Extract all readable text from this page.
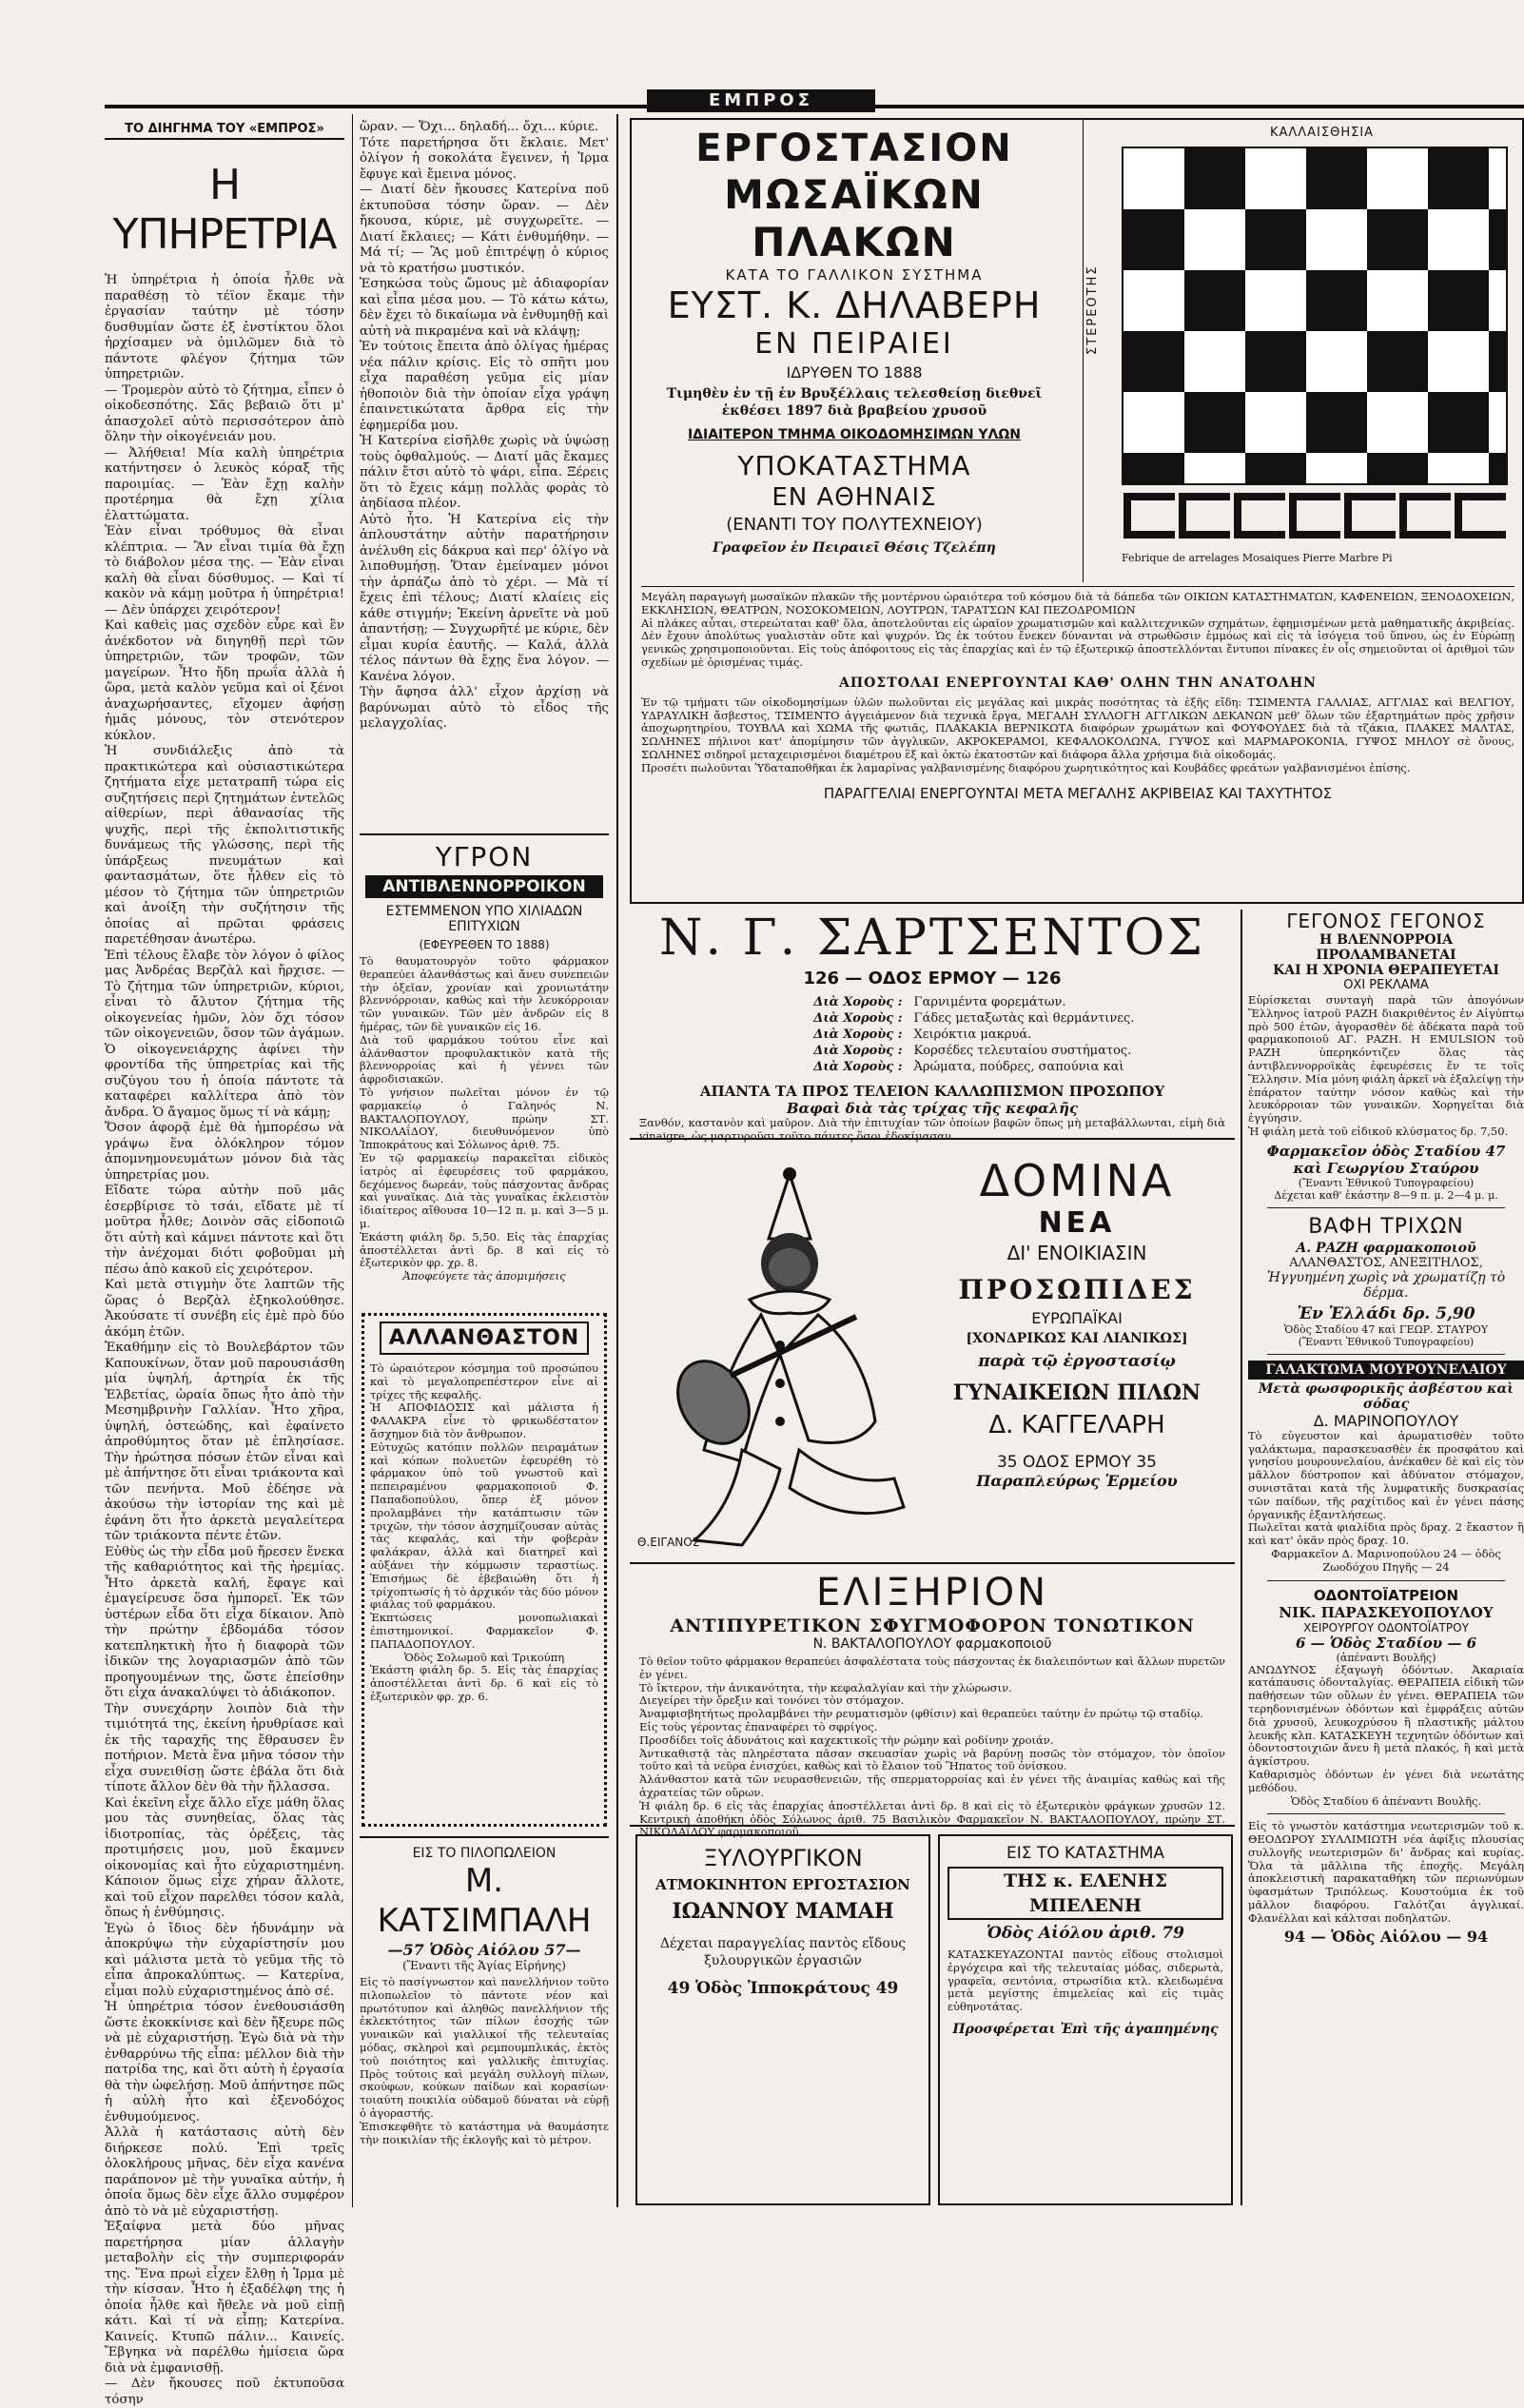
ΕΜΠΡΟΣ
ΤΟ ΔΙΗΓΗΜΑ ΤΟΥ «ΕΜΠΡΟΣ»
Η ΥΠΗΡΕΤΡΙΑ

Ἡ ὑπηρέτρια ἡ ὁποία ἦλθε νὰ παραθέσῃ τὸ τέϊον ἔκαμε τὴν ἐργασίαν ταύτην μὲ τόσην δυσθυμίαν ὥστε ἐξ ἐνστίκτου ὅλοι ἠρχίσαμεν νὰ ὁμιλῶμεν διὰ τὸ πάντοτε φλέγον ζήτημα τῶν ὑπηρετριῶν.

— Τρομερὸν αὐτὸ τὸ ζήτημα, εἶπεν ὁ οἰκοδεσπότης. Σᾶς βεβαιῶ ὅτι μ' ἀπασχολεῖ αὐτὸ περισσότερον ἀπὸ ὅλην τὴν οἰκογένειάν μου.

— Ἀλήθεια! Μία καλὴ ὑπηρέτρια κατήντησεν ὁ λευκὸς κόραξ τῆς παροιμίας. — Ἐὰν ἔχῃ καλὴν προτέρημα θὰ ἔχῃ χίλια ἐλαττώματα.

Ἐὰν εἶναι τρόθυμος θὰ εἶναι κλέπτρια. — Ἂν εἶναι τιμία θὰ ἔχῃ τὸ διάβολον μέσα της. — Ἐὰν εἶναι καλὴ θὰ εἶναι δύσθυμος. — Καὶ τί κακὸν νὰ κάμῃ μοῦτρα ἡ ὑπηρέτρια! — Δὲν ὑπάρχει χειρότερον!

Καὶ καθεὶς μας σχεδὸν εὗρε καὶ ἓν ἀνέκδοτον νὰ διηγηθῇ περὶ τῶν ὑπηρετριῶν, τῶν τροφῶν, τῶν μαγείρων. Ἦτο ἤδη πρωΐα ἀλλὰ ἡ ὥρα, μετὰ καλὸν γεῦμα καὶ οἱ ξένοι ἀναχωρήσαντες, εἴχομεν ἀφήσῃ ἡμᾶς μόνους, τὸν στενότερον κύκλον.

Ἡ συνδιάλεξις ἀπὸ τὰ πρακτικώτερα καὶ οὐσιαστικώτερα ζητήματα εἶχε μετατραπῆ τώρα εἰς συζητήσεις περὶ ζητημάτων ἐντελῶς αἰθερίων, περὶ ἀθανασίας τῆς ψυχῆς, περὶ τῆς ἐκπολιτιστικῆς δυνάμεως τῆς γλώσσης, περὶ τῆς ὑπάρξεως πνευμάτων καὶ φαντασμάτων, ὅτε ἦλθεν εἰς τὸ μέσον τὸ ζήτημα τῶν ὑπηρετριῶν καὶ ἀνοίξη τὴν συζήτησιν τῆς ὁποίας αἱ πρῶται φράσεις παρετέθησαν ἀνωτέρω.

Ἐπὶ τέλους ἔλαβε τὸν λόγον ὁ φίλος μας Ἀνδρέας Βερζὰλ καὶ ἤρχισε. — Τὸ ζήτημα τῶν ὑπηρετριῶν, κύριοι, εἶναι τὸ ἄλυτον ζήτημα τῆς οἰκογενείας ἡμῶν, λὸν ὄχι τόσον τῶν οἰκογενειῶν, ὅσον τῶν ἀγάμων. Ὁ οἰκογενειάρχης ἀφίνει τὴν φροντίδα τῆς ὑπηρετρίας καὶ τῆς συζύγου του ἡ ὁποία πάντοτε τὰ καταφέρει καλλίτερα ἀπὸ τὸν ἄνδρα. Ὁ ἄγαμος ὅμως τί νὰ κάμῃ;

Ὅσον ἀφορᾷ ἐμὲ θὰ ἠμπορέσω νὰ γράψω ἕνα ὁλόκληρον τόμον ἀπομνημονευμάτων μόνον διὰ τὰς ὑπηρετρίας μου.

Εἴδατε τώρα αὐτὴν ποῦ μᾶς ἐσερβίρισε τὸ τσάι, εἴδατε μὲ τί μοῦτρα ἦλθε; Δοινὸν σᾶς εἰδοποιῶ ὅτι αὐτὴ καὶ κάμνει πάντοτε καὶ ὅτι τὴν ἀνέχομαι διότι φοβοῦμαι μὴ πέσω ἀπὸ κακοῦ εἰς χειρότερον.

Καὶ μετὰ στιγμὴν ὅτε λαπτῶν τῆς ὥρας ὁ Βερζὰλ ἐξηκολούθησε. Ἀκούσατε τί συνέβη εἰς ἐμὲ πρὸ δύο ἀκόμη ἐτῶν.

Ἐκαθήμην εἰς τὸ Βουλεβάρτον τῶν Καπουκίνων, ὅταν μοῦ παρουσιάσθη μία ὑψηλή, ἀρτηρία ἐκ τῆς Ἐλβετίας, ὡραία ὅπως ἦτο ἀπὸ τὴν Μεσημβρινὴν Γαλλίαν. Ἦτο χῆρα, ὑψηλή, ὀστεώδης, καὶ ἐφαίνετο ἀπροθύμητος ὅταν μὲ ἐπλησίασε. Τὴν ἠρώτησα πόσων ἐτῶν εἶναι καὶ μὲ ἀπήντησε ὅτι εἶναι τριάκοντα καὶ τῶν πενήντα. Μοῦ ἐδέησε νὰ ἀκούσω τὴν ἱστορίαν της καὶ μὲ ἐφάνη ὅτι ἦτο ἀρκετὰ μεγαλείτερα τῶν τριάκοντα πέντε ἐτῶν.

Εὐθὺς ὡς τὴν εἶδα μοῦ ἤρεσεν ἕνεκα τῆς καθαριότητος καὶ τῆς ἠρεμίας. Ἦτο ἀρκετὰ καλή, ἔφαγε καὶ ἐμαγείρευσε ὅσα ἠμπορεῖ. Ἐκ τῶν ὑστέρων εἶδα ὅτι εἶχα δίκαιον. Ἀπὸ τὴν πρώτην ἑβδομάδα τόσον κατεπληκτικὴ ἦτο ἡ διαφορὰ τῶν ἰδικῶν της λογαριασμῶν ἀπὸ τῶν προηγουμένων της, ὥστε ἐπείσθην ὅτι εἶχα ἀνακαλύψει τὸ ἀδιάκοπον.

Τὴν συνεχάρην λοιπὸν διὰ τὴν τιμιότητά της, ἐκείνη ἠρυθρίασε καὶ ἐκ τῆς ταραχῆς της ἔθραυσεν ἓν ποτήριον. Μετὰ ἕνα μῆνα τόσον τὴν εἶχα συνειθίσῃ ὥστε ἐβάλα ὅτι διὰ τίποτε ἄλλον δὲν θὰ τὴν ἤλλασσα.

Καὶ ἐκεῖνη εἶχε ἄλλο εἴχε μάθη ὅλας μου τὰς συνηθείας, ὅλας τὰς ἰδιοτροπίας, τὰς ὀρέξεις, τὰς προτιμήσεις μου, μοῦ ἔκαμνεν οἰκονομίας καὶ ἦτο εὐχαριστημένη. Κάποιον ὅμως εἶχε χήραν ἄλλοτε, καὶ τοῦ εἶχον παρελθει τόσον καλὰ, ὅπως ἡ ἐνθύμησις.

Ἐγὼ ὁ ἴδιος δὲν ἠδυνάμην νὰ ἀποκρύψω τὴν εὐχαρίστησίν μου καὶ μάλιστα μετὰ τὸ γεῦμα τῆς τὸ εἶπα ἀπροκαλύπτως. — Κατερίνα, εἶμαι πολὺ εὐχαριστημένος ἀπὸ σέ.

Ἡ ὑπηρέτρια τόσον ἐνεθουσιάσθη ὥστε ἐκοκκίνισε καὶ δὲν ἤξευρε πῶς νὰ μὲ εὐχαριστήσῃ. Ἐγὼ διὰ νὰ τὴν ἐνθαρρύνω τῆς εἶπα: μέλλον διὰ τὴν πατρίδα της, καὶ ὅτι αὐτὴ ἡ ἐργασία θὰ τὴν ὠφελήσῃ. Μοῦ ἀπήντησε πῶς ἡ αὐλὴ ἦτο καὶ ἐξενοδόχος ἐνθυμούμενος.

Ἀλλὰ ἡ κατάστασις αὐτὴ δὲν διήρκεσε πολύ. Ἐπὶ τρεῖς ὁλοκλήρους μῆνας, δὲν εἶχα κανένα παράπονον μὲ τὴν γυναῖκα αὐτήν, ἡ ὁποία ὅμως δὲν εἶχε ἄλλο συμφέρον ἀπὸ τὸ νὰ μὲ εὐχαριστήσῃ.

Ἐξαίφνα μετὰ δύο μῆνας παρετήρησα μίαν ἀλλαγὴν μεταβολὴν εἰς τὴν συμπεριφοράν της. Ἕνα πρωὶ εἶχεν ἔλθῃ ἡ Ἰρμα μὲ τὴν κίσσαν. Ἦτο ἡ ἐξαδέλφη της ἡ ὁποία ἦλθε καὶ ἤθελε νὰ μοῦ εἰπῇ κάτι. Καὶ τί νὰ εἶπῃ; Κατερίνα. Καινείς. Κτυπῶ πάλιν... Καινείς. Ἔβγηκα νὰ παρέλθω ἡμίσεια ὥρα διὰ νὰ ἐμφανισθῇ.

— Δὲν ἤκουσες ποῦ ἐκτυποῦσα τόσην

ὥραν. — Ὄχι... δηλαδή... ὄχι... κύριε.

Τότε παρετήρησα ὅτι ἔκλαιε. Μετ' ὀλίγον ἡ σοκολάτα ἔγεινεν, ἡ Ἰρμα ἔφυγε καὶ ἔμεινα μόνος.

— Διατί δὲν ἤκουσες Κατερίνα ποῦ ἐκτυποῦσα τόσην ὥραν. — Δὲν ἤκουσα, κύριε, μὲ συγχωρεῖτε. — Διατί ἔκλαιες; — Κάτι ἐνθυμήθην. — Μά τί; — Ἂς μοῦ ἐπιτρέψῃ ὁ κύριος νὰ τὸ κρατήσω μυστικόν.

Ἐσηκώσα τοὺς ὤμους μὲ ἀδιαφορίαν καὶ εἶπα μέσα μου. — Τὸ κάτω κάτω, δὲν ἔχει τὸ δικαίωμα νὰ ἐνθυμηθῇ καὶ αὐτὴ νὰ πικραμένα καὶ νὰ κλάψῃ;

Ἐν τούτοις ἔπειτα ἀπὸ ὀλίγας ἡμέρας νέα πάλιν κρίσις. Εἰς τὸ σπῆτι μου εἶχα παραθέση γεῦμα εἰς μίαν ἠθοποιὸν διὰ τὴν ὁποίαν εἶχα γράψη ἐπαινετικώτατα ἄρθρα εἰς τὴν ἐφημερίδα μου.

Ἡ Κατερίνα εἰσῆλθε χωρὶς νὰ ὑψώσῃ τοὺς ὀφθαλμούς. — Διατί μᾶς ἔκαμες πάλιν ἔτσι αὐτὸ τὸ ψάρι, εἶπα. Ξέρεις ὅτι τὸ ἔχεις κάμῃ πολλὰς φορὰς τὸ ἀηδίασα πλέον.

Αὐτὸ ἦτο. Ἡ Κατερίνα εἰς τὴν ἀπλουστάτην αὐτὴν παρατήρησιν ἀνέλυθη εἰς δάκρυα καὶ περ' ὀλίγο νὰ λιποθυμήσῃ. Ὅταν ἐμείναμεν μόνοι τὴν ἁρπάζω ἀπὸ τὸ χέρι. — Μὰ τί ἔχεις ἐπὶ τέλους; Διατί κλαίεις εἰς κάθε στιγμήν; Ἐκείνη ἀρνεῖτε νὰ μοῦ ἀπαντήσῃ; — Συγχωρῆτέ με κύριε, δὲν εἶμαι κυρία ἑαυτῆς. — Καλά, ἀλλὰ τέλος πάντων θὰ ἔχῃς ἕνα λόγον. — Κανένα λόγον.

Τὴν ἄφησα ἀλλ' εἶχον ἀρχίσῃ νὰ βαρύνωμαι αὐτὸ τὸ εἶδος τῆς μελαγχολίας.

ΥΓΡΟΝ
ΑΝΤΙΒΛΕΝΝΟΡΡΟΙΚΟΝ
ΕΣΤΕΜΜΕΝΟΝ ΥΠΟ ΧΙΛΙΑΔΩΝ ΕΠΙΤΥΧΙΩΝ
(ΕΦΕΥΡΕΘΕΝ ΤΟ 1888)

Τὸ θαυματουργὸν τοῦτο φάρμακον θεραπεύει ἀλανθάστως καὶ ἄνευ συνεπειῶν τὴν ὀξεῖαν, χρονίαν καὶ χρονιωτάτην βλεννόρροιαν, καθὼς καὶ τὴν λευκόρροιαν τῶν γυναικῶν. Τῶν μὲν ἀνδρῶν εἰς 8 ἡμέρας, τῶν δὲ γυναικῶν εἰς 16.

Διὰ τοῦ φαρμάκου τούτου εἶνε καὶ ἀλάνθαστον προφυλακτικὸν κατὰ τῆς βλεννορροίας καὶ ἡ γέννει τῶν ἀφροδισιακῶν.

Τὸ γνήσιον πωλεῖται μόνον ἐν τῷ φαρμακείῳ ὁ Γαληνός Ν. ΒΑΚΤΑΛΟΠΟΥΛΟΥ, πρώην ΣΤ. ΝΙΚΟΛΑΐΔΟΥ, διευθυνόμενον ὑπὸ Ἰπποκράτους καὶ Σόλωνος ἀριθ. 75.

Ἐν τῷ φαρμακείῳ παρακεῖται εἰδικὸς ἰατρὸς αἱ ἐφευρέσεις τοῦ φαρμάκου, δεχόμενος δωρεάν, τοὺς πάσχοντας ἄνδρας καὶ γυναῖκας. Διὰ τὰς γυναῖκας ἐκλειστὸν ἰδιαίτερος αἴθουσα 10—12 π. μ. καὶ 3—5 μ. μ.

Ἑκάστη φιάλη δρ. 5,50. Εἰς τὰς ἐπαρχίας ἀποστέλλεται ἀντὶ δρ. 8 καὶ εἰς τὸ ἐξωτερικὸν φρ. χρ. 8.

Ἀποφεύγετε τὰς ἀπομιμήσεις
ΑΛΛΑΝΘΑΣΤΟΝ

Τὸ ὡραιότερον κόσμημα τοῦ προσώπου καὶ τὸ μεγαλοπρεπέστερον εἶνε αἱ τρίχες τῆς κεφαλῆς.

Ἡ ΑΠΟΦΙΔΟΣΙΣ καὶ μάλιστα ἡ ΦΑΛΑΚΡΑ εἶνε τὸ φρικωδέστατον ἄσχημον διὰ τὸν ἄνθρωπον.

Εὐτυχῶς κατόπιν πολλῶν πειραμάτων καὶ κόπων πολυετῶν ἐφευρέθη τὸ φάρμακον ὑπὸ τοῦ γνωστοῦ καὶ πεπειραμένου φαρμακοποιοῦ Φ. Παπαδοπούλου, ὅπερ ἐξ μόνον προλαμβάνει τὴν κατάπτωσιν τῶν τριχῶν, τὴν τόσον ἀσχημίζουσαν αὐτὰς τὰς κεφαλάς, καὶ τὴν φοβερὰν φαλάκραν, ἀλλὰ καὶ διατηρεῖ καὶ αὐξάνει τὴν κόμμωσιν τεραστίως. Ἐπισήμως δὲ ἐβεβαιώθη ὅτι ἡ τρίχοπτωσίς ἡ τὸ ἀρχικόν τὰς δύο μόνον φιάλας τοῦ φαρμάκου.

Ἐκπτώσεις μονοπωλιακαὶ ἐπιστημονικοί. Φαρμακεῖον Φ. ΠΑΠΑΔΟΠΟΥΛΟΥ.

Ὁδὸς Σολωμοῦ καὶ Τρικούπη

Ἑκάστη φιάλη δρ. 5. Εἰς τὰς ἐπαρχίας ἀποστέλλεται ἀντὶ δρ. 6 καὶ εἰς τὸ ἐξωτερικὸν φρ. χρ. 6.

ΕΙΣ ΤΟ ΠΙΛΟΠΩΛΕΙΟΝ
Μ. ΚΑΤΣΙΜΠΑΛΗ
—57 Ὁδὸς Αἰόλου 57—
(Ἔναντι τῆς Ἁγίας Εἰρήνης)

Εἰς τὸ πασίγνωστον καὶ πανελλήνιον τοῦτο πιλοπωλεῖον τὸ πάντοτε νέον καὶ πρωτότυπον καὶ ἀληθῶς πανελλήνιον τῆς ἐκλεκτότητος τῶν πίλων ἐσοχής τῶν γυναικῶν καὶ γιαλλικοί τῆς τελευταίας μόδας, σκληροὶ καὶ ρεμπουμπλικάς, ἐκτὸς τοῦ ποιότητος καὶ γαλλικῆς ἐπιτυχίας. Πρὸς τούτοις καὶ μεγάλη συλλογὴ πίλων, σκούφων, κούκων παίδων καὶ κορασίων· τοιαύτη ποικιλία οὐδαμοῦ δύναται νὰ εὑρῇ ὁ ἀγοραστής.

Ἐπισκεφθῆτε τὸ κατάστημα νὰ θαυμάσητε τὴν ποικιλίαν τῆς ἐκλογῆς καὶ τὸ μέτρον.

ΕΡΓΟΣΤΑΣΙΟΝ
ΜΩΣΑΪΚΩΝ ΠΛΑΚΩΝ
ΚΑΤΑ ΤΟ ΓΑΛΛΙΚΟΝ ΣΥΣΤΗΜΑ
ΕΥΣΤ. Κ. ΔΗΛΑΒΕΡΗ
ΕΝ ΠΕΙΡΑΙΕΙ
ΙΔΡΥΘΕΝ ΤΟ 1888
Τιμηθὲν ἐν τῇ ἐν Βρυξέλλαις τελεσθείσῃ διεθνεῖ ἐκθέσει 1897 διὰ βραβείου χρυσοῦ
ΙΔΙΑΙΤΕΡΟΝ ΤΜΗΜΑ ΟΙΚΟΔΟΜΗΣΙΜΩΝ ΥΛΩΝ
ΥΠΟΚΑΤΑΣΤΗΜΑ
ΕΝ ΑΘΗΝΑΙΣ
(ΕΝΑΝΤΙ ΤΟΥ ΠΟΛΥΤΕΧΝΕΙΟΥ)
Γραφεῖον ἐν Πειραιεῖ Θέσις Τζελέπη
ΚΑΛΛΑΙΣΘΗΣΙΑ
ΣΤΕΡΕΟΤΗΣ
Febrique de arrelages Mosaiques Pierre Marbre Pi

Μεγάλη παραγωγὴ μωσαϊκῶν πλακῶν τῆς μοντέρνου ὡραιότερα τοῦ κόσμου διὰ τὰ δάπεδα τῶν ΟΙΚΙΩΝ ΚΑΤΑΣΤΗΜΑΤΩΝ, ΚΑΦΕΝΕΙΩΝ, ΞΕΝΟΔΟΧΕΙΩΝ, ΕΚΚΛΗΣΙΩΝ, ΘΕΑΤΡΩΝ, ΝΟΣΟΚΟΜΕΙΩΝ, ΛΟΥΤΡΩΝ, ΤΑΡΑΤΣΩΝ ΚΑΙ ΠΕΖΟΔΡΟΜΙΩΝ

Αἱ πλάκες αὗται, στερεώταται καθ' ὅλα, ἀποτελοῦνται εἰς ὡραῖον χρωματισμῶν καὶ καλλιτεχνικῶν σχημάτων, ἐφημισμένων μετὰ μαθηματικῆς ἀκριβείας. Δὲν ἔχουν ἀπολύτως γυαλιστὰν οὔτε καὶ ψυχρόν. Ὡς ἐκ τούτου ἔνεκεν δύνανται νὰ στρωθῶσιν ἐμμόως καὶ εἰς τὰ ἰσόγεια τοῦ ὕπνου, ὡς ἐν Εὐρώπῃ γενικῶς χρησιμοποιοῦνται. Εἰς τοὺς ἀπόφοιτους εἰς τὰς ἐπαρχίας καὶ ἐν τῷ ἐξωτερικῷ ἀποστελλόνται ἔντυποι πίνακες ἐν οἷς σημειοῦνται οἱ ἀριθμοὶ τῶν σχεδίων μὲ ὁρισμένας τιμάς.

ΑΠΟΣΤΟΛΑΙ ΕΝΕΡΓΟΥΝΤΑΙ ΚΑΘ' ΟΛΗΝ ΤΗΝ ΑΝΑΤΟΛΗΝ

Ἐν τῷ τμήματι τῶν οἰκοδομησίμων ὑλῶν πωλοῦνται εἰς μεγάλας καὶ μικρὰς ποσότητας τὰ ἑξῆς εἴδη: ΤΣΙΜΕΝΤΑ ΓΑΛΛΙΑΣ, ΑΓΓΛΙΑΣ καὶ ΒΕΛΓΙΟΥ, ΥΔΡΑΥΛΙΚΗ ἄσβεστος, ΤΣΙΜΕΝΤΟ ἀγγειάμενον διὰ τεχνικὰ ἔργα, ΜΕΓΑΛΗ ΣΥΛΛΟΓΗ ΑΓΓΛΙΚΩΝ ΔΕΚΑΝΩΝ μεθ' ὅλων τῶν ἐξαρτημάτων πρὸς χρῆσιν ἀποχωρητηρίου, ΤΟΥΒΛΑ καὶ ΧΩΜΑ τῆς φωτιᾶς, ΠΛΑΚΑΚΙΑ ΒΕΡΝΙΚΩΤΑ διαφόρων χρωμάτων καὶ ΦΟΥΦΟΥΔΕΣ διὰ τὰ τζάκια, ΠΛΑΚΕΣ ΜΑΛΤΑΣ, ΣΩΛΗΝΕΣ πήλινοι κατ' ἀπομίμησιν τῶν ἀγγλικῶν, ΑΚΡΟΚΕΡΑΜΟΙ, ΚΕΦΑΛΟΚΟΛΩΝΑ, ΓΥΨΟΣ καὶ ΜΑΡΜΑΡΟΚΟΝΙΑ, ΓΥΨΟΣ ΜΗΛΟΥ σὲ ὄνους, ΣΩΛΗΝΕΣ σιδηροῖ μεταχειρισμένοι διαμέτρου ἓξ καὶ ὀκτὼ ἑκατοστῶν καὶ διάφορα ἄλλα χρήσιμα διὰ οἰκοδομάς.

Προσέτι πωλοῦνται Ὑδαταποθῆκαι ἐκ λαμαρίνας γαλβανισμένης διαφόρου χωρητικότητος καὶ Κουβάδες φρεάτων γαλβανισμένοι ἐπίσης.

ΠΑΡΑΓΓΕΛΙΑΙ ΕΝΕΡΓΟΥΝΤΑΙ ΜΕΤΑ ΜΕΓΑΛΗΣ ΑΚΡΙΒΕΙΑΣ ΚΑΙ ΤΑΧΥΤΗΤΟΣ
Ν. Γ. ΣΑΡΤΣΕΝΤΟΣ
126 — ΟΔΟΣ ΕΡΜΟΥ — 126
Διὰ Χοροὺς :	Γαρνιμέντα φορεμάτων.
Διὰ Χοροὺς :	Γάδες μεταξωτὰς καὶ θερμάντινες.
Διὰ Χοροὺς :	Χειρόκτια μακρυά.
Διὰ Χοροὺς :	Κορσέδες τελευταίου συστήματος.
Διὰ Χοροὺς :	Ἀρώματα, πούδρες, σαπούνια καὶ
ΑΠΑΝΤΑ ΤΑ ΠΡΟΣ ΤΕΛΕΙΟΝ ΚΑΛΛΩΠΙΣΜΟΝ ΠΡΟΣΩΠΟΥ
Βαφαὶ διὰ τὰς τρίχας τῆς κεφαλῆς

Ξανθόν, καστανὸν καὶ μαῦρον. Διὰ τὴν ἐπιτυχίαν τῶν ὁποίων βαφῶν ὅπως μὴ μεταβάλλωνται, εἰμὴ διὰ vinaigre, ὡς μαρτυροῦσι τοῦτο πάντες ὅσοι ἐδοκίμασαν.

Θ.ΕΙΓΑΝΟΣ
ΔΟΜΙΝΑ
ΝΕΑ
ΔΙ' ΕΝΟΙΚΙΑΣΙΝ
ΠΡΟΣΩΠΙΔΕΣ
ΕΥΡΩΠΑΪΚΑΙ
[ΧΟΝΔΡΙΚΩΣ ΚΑΙ ΛΙΑΝΙΚΩΣ]
παρὰ τῷ ἐργοστασίῳ
ΓΥΝΑΙΚΕΙΩΝ ΠΙΛΩΝ
Δ. ΚΑΓΓΕΛΑΡΗ
35 ΟΔΟΣ ΕΡΜΟΥ 35
Παραπλεύρως Ἑρμείου
ΕΛΙΞΗΡΙΟΝ
ΑΝΤΙΠΥΡΕΤΙΚΟΝ ΣΦΥΓΜΟΦΟΡΟΝ ΤΟΝΩΤΙΚΟΝ
Ν. ΒΑΚΤΑΛΟΠΟΥΛΟΥ φαρμακοποιοῦ

Τὸ θεῖον τοῦτο φάρμακον θεραπεύει ἀσφαλέστατα τοὺς πάσχοντας ἐκ διαλειπόντων καὶ ἄλλων πυρετῶν ἐν γένει.

Τὸ ἴκτερον, τὴν ἀνικανότητα, τὴν κεφαλαλγίαν καὶ τὴν χλώρωσιν.

Διεγείρει τὴν ὄρεξιν καὶ τονόνει τὸν στόμαχον.

Ἀναμφισβητήτως προλαμβάνει τὴν ρευματισμὸν (φθίσιν) καὶ θεραπεύει ταύτην ἐν πρώτῳ τῷ σταδίῳ.

Εἰς τοὺς γέροντας ἐπαναφέρει τὸ σφρίγος.

Προσδίδει τοῖς ἀδυνάτοις καὶ καχεκτικοῖς τὴν ρώμην καὶ ροδίνην χροιάν.

Ἀντικαθιστᾷ τὰς πληρέστατα πᾶσαν σκευασίαν χωρὶς νὰ βαρύνῃ ποσῶς τὸν στόμαχον, τὸν ὁποῖον τοῦτο καὶ τὰ νεῦρα ἐνισχύει, καθὼς καὶ τὸ ἔλαιον τοῦ Ἥπατος τοῦ ὀνίσκου.

Ἀλάνθαστον κατὰ τῶν νευρασθενειῶν, τῆς σπερματορροίας καὶ ἐν γένει τῆς ἀναιμίας καθὼς καὶ τῆς ἀχρατείας τῶν οὔρων.

Ἡ φιάλη δρ. 6 εἰς τὰς ἐπαρχίας ἀποστέλλεται ἀντὶ δρ. 8 καὶ εἰς τὸ ἐξωτερικὸν φράγκων χρυσῶν 12. Κεντρικὴ ἀποθήκη ὁδὸς Σόλωνος ἀριθ. 75 Βασιλικὸν Φαρμακεῖον Ν. ΒΑΚΤΑΛΟΠΟΥΛΟΥ, πρώην ΣΤ. ΝΙΚΟΛΑΐΔΟΥ φαρμακοποιοῦ.

ΞΥΛΟΥΡΓΙΚΟΝ
ΑΤΜΟΚΙΝΗΤΟΝ ΕΡΓΟΣΤΑΣΙΟΝ
ΙΩΑΝΝΟΥ ΜΑΜΑΗ
Δέχεται παραγγελίας παντὸς εἴδους ξυλουργικῶν ἐργασιῶν
49 Ὁδὸς Ἱπποκράτους 49
ΕΙΣ ΤΟ ΚΑΤΑΣΤΗΜΑ
ΤΗΣ κ. ΕΛΕΝΗΣ ΜΠΕΛΕΝΗ
Ὁδὸς Αἰόλου ἀριθ. 79

ΚΑΤΑΣΚΕΥΑΖΟΝΤΑΙ παντὸς εἴδους στολισμοὶ ἐργόχειρα καὶ τῆς τελευταίας μόδας, σιδερωτὰ, γραφεῖα, σεντόνια, στρωσίδια κτλ. κλειδωμένα μετὰ μεγίστης ἐπιμελείας καὶ εἰς τιμὰς εὐθηνοτάτας.

Προσφέρεται Ἐπὶ τῆς ἀγαπημένης
ΓΕΓΟΝΟΣ ΓΕΓΟΝΟΣ
Η ΒΛΕΝΝΟΡΡΟΙΑ ΠΡΟΛΑΜΒΑΝΕΤΑΙ
ΚΑΙ Η ΧΡΟΝΙΑ ΘΕΡΑΠΕΥΕΤΑΙ
ΟΧΙ ΡΕΚΛΑΜΑ

Εὑρίσκεται συνταγὴ παρὰ τῶν ἀπογόνων Ἕλληνος ἰατροῦ ΡΑΖΗ διακριθέντος ἐν Αἰγύπτῳ πρὸ 500 ἐτῶν, ἀγορασθὲν δὲ ἀδέκατα παρὰ τοῦ φαρμακοποιοῦ ΑΓ. ΡΑΖΗ. Η EMULSION τοῦ ΡΑΖΗ ὑπερηκόντιζεν ὅλας τὰς ἀντιβλεννορροϊκὰς ἐφευρέσεις ἔν τε τοῖς Ἕλλησιν. Μία μόνη φιάλη ἀρκεῖ νὰ ἐξαλείψῃ τὴν ἐπάρατον ταύτην νόσον καθὼς καὶ τὴν λευκόρροιαν τῶν γυναικῶν. Χορηγεῖται διὰ ἐγγύησιν.

Ἡ φιάλη μετὰ τοῦ εἰδικοῦ κλύσματος δρ. 7,50.

Φαρμακεῖον ὁδὸς Σταδίου 47
καὶ Γεωργίου Σταύρου
(Ἔναντι Ἐθνικοῦ Τυπογραφείου)
Δέχεται καθ' ἑκάστην 8—9 π. μ. 2—4 μ. μ.
ΒΑΦΗ ΤΡΙΧΩΝ
Α. ΡΑΖΗ φαρμακοποιοῦ
ΑΛΑΝΘΑΣΤΟΣ, ΑΝΕΞΙΤΗΛΟΣ,
Ἡγγυημένη χωρὶς νὰ χρωματίζῃ τὸ δέρμα.
Ἐν Ἑλλάδι δρ. 5,90
Ὁδὸς Σταδίου 47 καὶ ΓΕΩΡ. ΣΤΑΥΡΟΥ
(Ἔναντι Ἐθνικοῦ Τυπογραφείου)
ΓΑΛΑΚΤΩΜΑ ΜΟΥΡΟΥΝΕΛΑΙΟΥ
Μετὰ φωσφορικῆς ἀσβέστου καὶ σόδας
Δ. ΜΑΡΙΝΟΠΟΥΛΟΥ

Τὸ εὐγευστον καὶ ἀρωματισθὲν τοῦτο γαλάκτωμα, παρασκευασθὲν ἐκ προσφάτου καὶ γνησίου μουρουνελαίου, ἀνέκαθεν δὲ καὶ εἰς τὸν μᾶλλον δύστροπον καὶ ἀδύνατον στόμαχον, συνιστᾶται κατὰ τῆς λυμφατικῆς δυσκρασίας τῶν παίδων, τῆς ραχίτιδος καὶ ἐν γένει πάσης ὀργανικῆς ἐξαντλήσεως.

Πωλεῖται κατὰ φιαλίδια πρὸς δραχ. 2 ἕκαστον ἢ καὶ κατ' ὀκᾶν πρὸς δραχ. 10.

Φαρμακεῖον Δ. Μαρινοπούλου 24 — ὁδὸς Ζωοδόχου Πηγῆς — 24
ΟΔΟΝΤΟΪΑΤΡΕΙΟΝ
ΝΙΚ. ΠΑΡΑΣΚΕΥΟΠΟΥΛΟΥ
ΧΕΙΡΟΥΡΓΟΥ ΟΔΟΝΤΟΪΑΤΡΟΥ
6 — Ὁδὸς Σταδίου — 6
(ἀπέναντι Βουλῆς)

ΑΝΩΔΥΝΟΣ ἐξαγωγὴ ὀδόντων. Ἀκαριαία κατάπαυσις ὀδονταλγίας. ΘΕΡΑΠΕΙΑ εἰδικὴ τῶν παθήσεων τῶν οὔλων ἐν γένει. ΘΕΡΑΠΕΙΑ τῶν τερηδονισμένων ὀδόντων καὶ ἐμφράξεις αὐτῶν διὰ χρυσοῦ, λευκοχρύσου ἢ πλαστικῆς μάλτου λευκῆς κλπ. ΚΑΤΑΣΚΕΥΗ τεχνητῶν ὀδόντων καὶ ὀδοντοστοιχιῶν ἄνευ ἢ μετὰ πλακός, ἢ καὶ μετὰ ἀγκίστρου.

Καθαρισμὸς ὀδόντων ἐν γένει διὰ νεωτάτης μεθόδου.

Ὁδὸς Σταδίου 6 ἀπέναντι Βουλῆς.

Εἰς τὸ γνωστὸν κατάστημα νεωτερισμῶν τοῦ κ. ΘΕΟΔΩΡΟΥ ΣΥΛΛΙΜΙΩΤΗ νέα ἀφίξις πλουσίας συλλογῆς νεωτερισμῶν δι' ἄνδρας καὶ κυρίας. Ὅλα τὰ μᾶλλιna τῆς ἐποχῆς. Μεγάλη ἀποκλειστικὴ παρακαταθήκη τῶν περιωνύμων ὑφασμάτων Τριπόλεως. Κουστούμια ἐκ τοῦ μᾶλλον διαφόρου. Γαλότζαι ἀγγλικαί. Φλανέλλαι καὶ κάλτσαι ποδηλατῶν.

94 — Ὁδὸς Αἰόλου — 94
